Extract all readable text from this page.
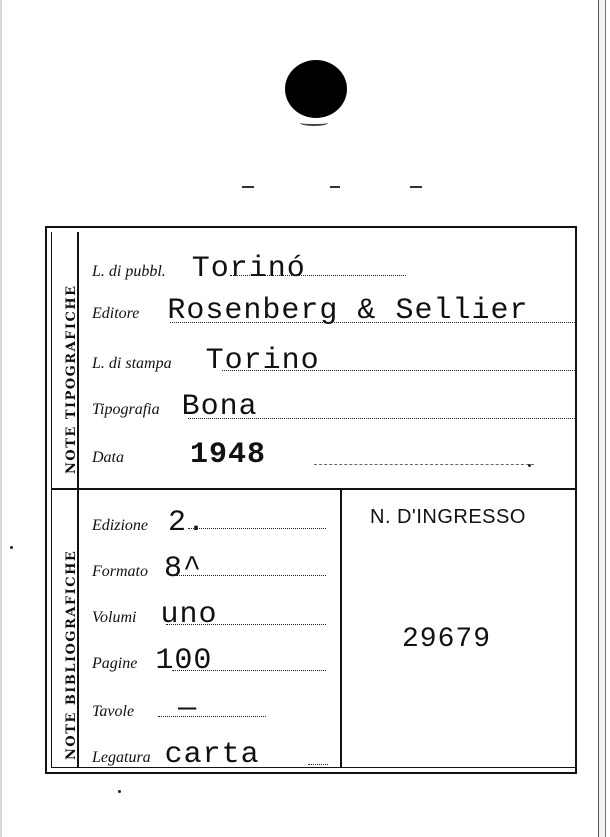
NOTE TIPOGRAFICHE
NOTE BIBLIOGRAFICHE
L. di pubbl. Torinó
Editore Rosenberg & Sellier
L. di stampa Torino
Tipografia Bona
Data 1948
Edizione 2.
Formato 8^
Volumi uno
Pagine 100
Tavole —
Legatura carta
N. D'INGRESSO
29679
